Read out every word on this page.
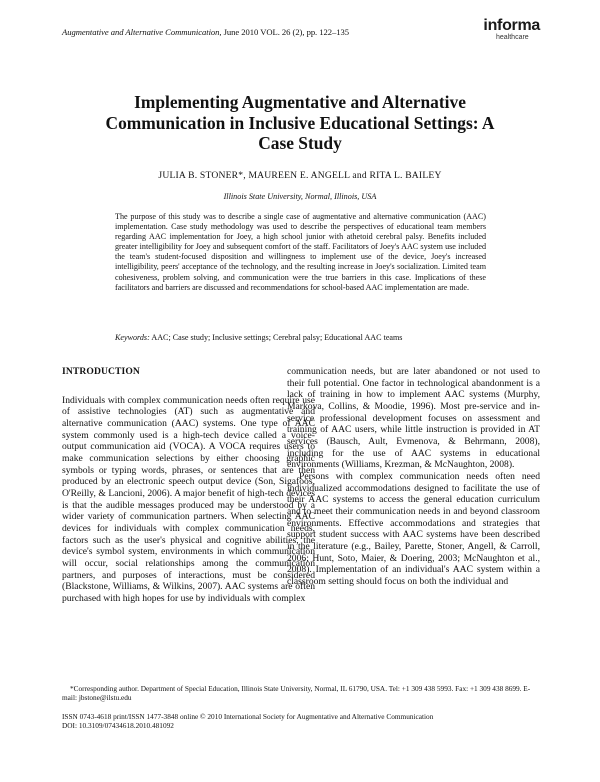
Augmentative and Alternative Communication, June 2010 VOL. 26 (2), pp. 122–135	informa
healthcare
Implementing Augmentative and Alternative Communication in Inclusive Educational Settings: A Case Study
JULIA B. STONER*, MAUREEN E. ANGELL and RITA L. BAILEY
Illinois State University, Normal, Illinois, USA

The purpose of this study was to describe a single case of augmentative and alternative communication (AAC) implementation. Case study methodology was used to describe the perspectives of educational team members regarding AAC implementation for Joey, a high school junior with athetoid cerebral palsy. Benefits included greater intelligibility for Joey and subsequent comfort of the staff. Facilitators of Joey's AAC system use included the team's student-focused disposition and willingness to implement use of the device, Joey's increased intelligibility, peers' acceptance of the technology, and the resulting increase in Joey's socialization. Limited team cohesiveness, problem solving, and communication were the true barriers in this case. Implications of these facilitators and barriers are discussed and recommendations for school-based AAC implementation are made.

Keywords: AAC; Case study; Inclusive settings; Cerebral palsy; Educational AAC teams
INTRODUCTION

Individuals with complex communication needs often require use of assistive technologies (AT) such as augmentative and alternative communication (AAC) systems. One type of AAC system commonly used is a high-tech device called a voice-output communication aid (VOCA). A VOCA requires users to make communication selections by either choosing graphic symbols or typing words, phrases, or sentences that are then produced by an electronic speech output device (Son, Sigafoos, O'Reilly, & Lancioni, 2006). A major benefit of high-tech devices is that the audible messages produced may be understood by a wider variety of communication partners. When selecting AAC devices for individuals with complex communication needs, factors such as the user's physical and cognitive abilities, the device's symbol system, environments in which communication will occur, social relationships among the communication partners, and purposes of interactions, must be considered (Blackstone, Williams, & Wilkins, 2007). AAC systems are often purchased with high hopes for use by individuals with complex

communication needs, but are later abandoned or not used to their full potential. One factor in technological abandonment is a lack of training in how to implement AAC systems (Murphy, Markova, Collins, & Moodie, 1996). Most pre-service and in-service professional development focuses on assessment and training of AAC users, while little instruction is provided in AT services (Bausch, Ault, Evmenova, & Behrmann, 2008), including for the use of AAC systems in educational environments (Williams, Krezman, & McNaughton, 2008).

Persons with complex communication needs often need individualized accommodations designed to facilitate the use of their AAC systems to access the general education curriculum and to meet their communication needs in and beyond classroom environments. Effective accommodations and strategies that support student success with AAC systems have been described in the literature (e.g., Bailey, Parette, Stoner, Angell, & Carroll, 2006; Hunt, Soto, Maier, & Doering, 2003; McNaughton et al., 2008). Implementation of an individual's AAC system within a classroom setting should focus on both the individual and

*Corresponding author. Department of Special Education, Illinois State University, Normal, IL 61790, USA. Tel: +1 309 438 5993. Fax: +1 309 438 8699. E-mail: jbstone@ilstu.edu

ISSN 0743-4618 print/ISSN 1477-3848 online © 2010 International Society for Augmentative and Alternative Communication
DOI: 10.3109/07434618.2010.481092
